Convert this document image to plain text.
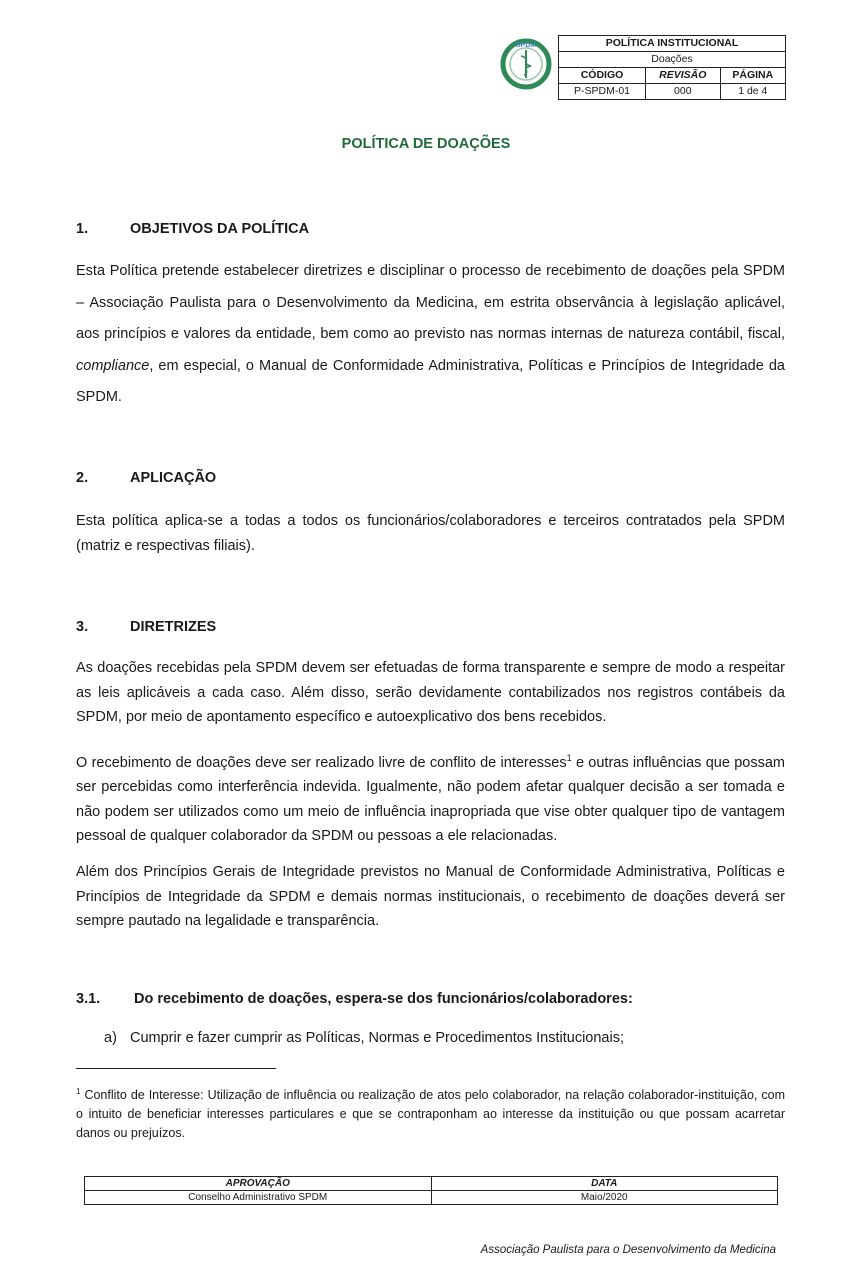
SPDM	POLÍTICA INSTITUCIONAL		
Doações		
CÓDIGO	REVISÃO	PÁGINA
P-SPDM-01	000	1 de 4
POLÍTICA DE DOAÇÕES
1.	OBJETIVOS DA POLÍTICA
Esta Política pretende estabelecer diretrizes e disciplinar o processo de recebimento de doações pela SPDM – Associação Paulista para o Desenvolvimento da Medicina, em estrita observância à legislação aplicável, aos princípios e valores da entidade, bem como ao previsto nas normas internas de natureza contábil, fiscal, compliance, em especial, o Manual de Conformidade Administrativa, Políticas e Princípios de Integridade da SPDM.
2.	APLICAÇÃO
Esta política aplica-se a todas a todos os funcionários/colaboradores e terceiros contratados pela SPDM (matriz e respectivas filiais).
3.	DIRETRIZES
As doações recebidas pela SPDM devem ser efetuadas de forma transparente e sempre de modo a respeitar as leis aplicáveis a cada caso. Além disso, serão devidamente contabilizados nos registros contábeis da SPDM, por meio de apontamento específico e autoexplicativo dos bens recebidos.
O recebimento de doações deve ser realizado livre de conflito de interesses$^1$ e outras influências que possam ser percebidas como interferência indevida. Igualmente, não podem afetar qualquer decisão a ser tomada e não podem ser utilizados como um meio de influência inapropriada que vise obter qualquer tipo de vantagem pessoal de qualquer colaborador da SPDM ou pessoas a ele relacionadas.
Além dos Princípios Gerais de Integridade previstos no Manual de Conformidade Administrativa, Políticas e Princípios de Integridade da SPDM e demais normas institucionais, o recebimento de doações deverá ser sempre pautado na legalidade e transparência.
3.1. Do recebimento de doações, espera-se dos funcionários/colaboradores:
a) Cumprir e fazer cumprir as Políticas, Normas e Procedimentos Institucionais;
$^1$ Conflito de Interesse: Utilização de influência ou realização de atos pelo colaborador, na relação colaborador-instituição, com o intuito de beneficiar interesses particulares e que se contraponham ao interesse da instituição ou que possam acarretar danos ou prejuízos.
APROVAÇÃO	DATA
Conselho Administrativo SPDM	Maio/2020
Associação Paulista para o Desenvolvimento da Medicina
